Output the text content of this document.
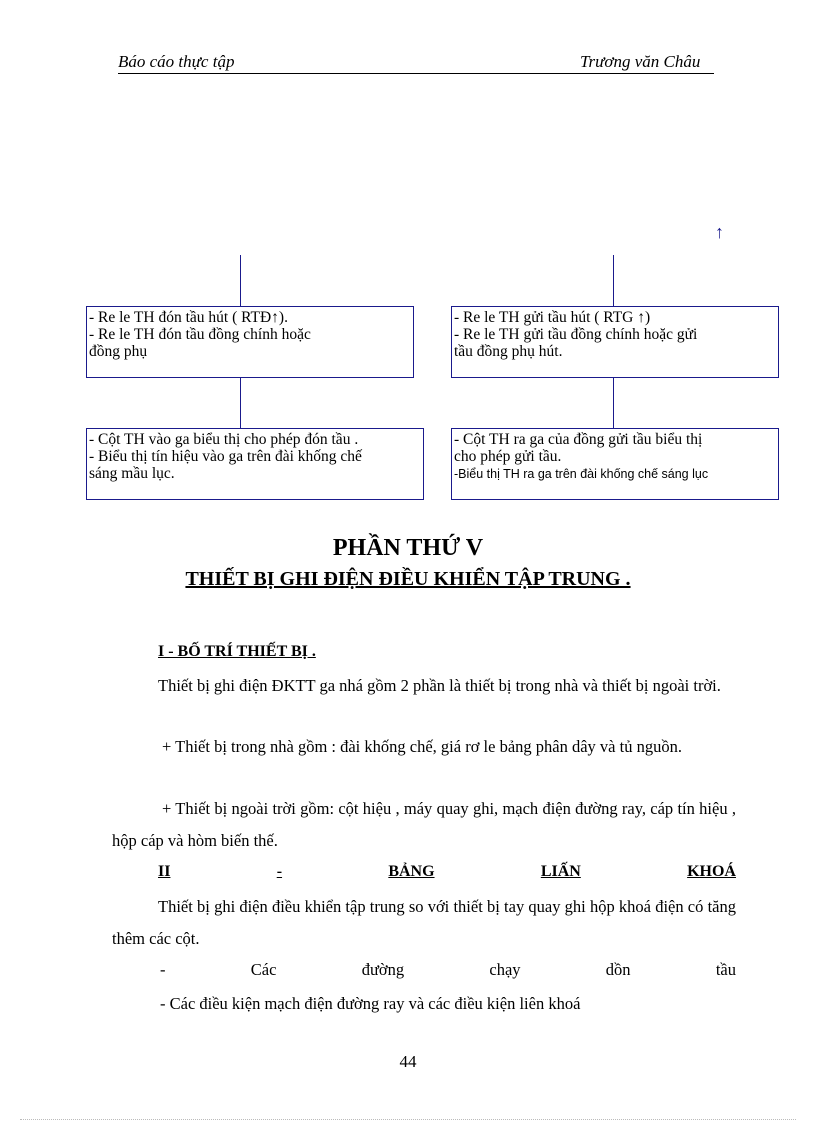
Báo cáo thực tập	Trương văn Châu
↑
- Re le TH đón tầu hút ( RTĐ↑).
- Re le TH đón tầu đồng chính hoặc
đồng phụ
- Re le TH gửi tầu hút ( RTG ↑)
- Re le TH gửi tầu đồng chính hoặc gửi
tầu đồng phụ hút.
- Cột TH vào ga biểu thị cho phép đón tầu .
- Biểu thị tín hiệu vào ga trên đài khống chế
sáng mầu lục.
- Cột TH ra ga của đồng gửi tầu biểu thị
cho phép gửi tầu.
-Biểu thị TH ra ga trên đài khống chế sáng lục
PHẦN THỨ V
THIẾT BỊ GHI ĐIỆN ĐIỀU KHIỂN TẬP TRUNG .
I - BỐ TRÍ THIẾT BỊ .
Thiết bị ghi điện ĐKTT ga nhá gồm 2 phần là thiết bị trong nhà và thiết bị ngoài trời.
+ Thiết bị trong nhà gồm : đài khống chế, giá rơ le bảng phân dây và tủ nguồn.
+ Thiết bị ngoài trời gồm: cột hiệu , máy quay ghi, mạch điện đường ray, cáp tín hiệu , hộp cáp và hòm biến thế.
II	-	BẢNG	LIẤN	KHOÁ
Thiết bị ghi điện điều khiển tập trung so với thiết bị tay quay ghi hộp khoá điện có tăng thêm các cột.
-	Các	đường	chạy	dồn	tầu
- Các điều kiện mạch điện đường ray và các điều kiện liên khoá
44
